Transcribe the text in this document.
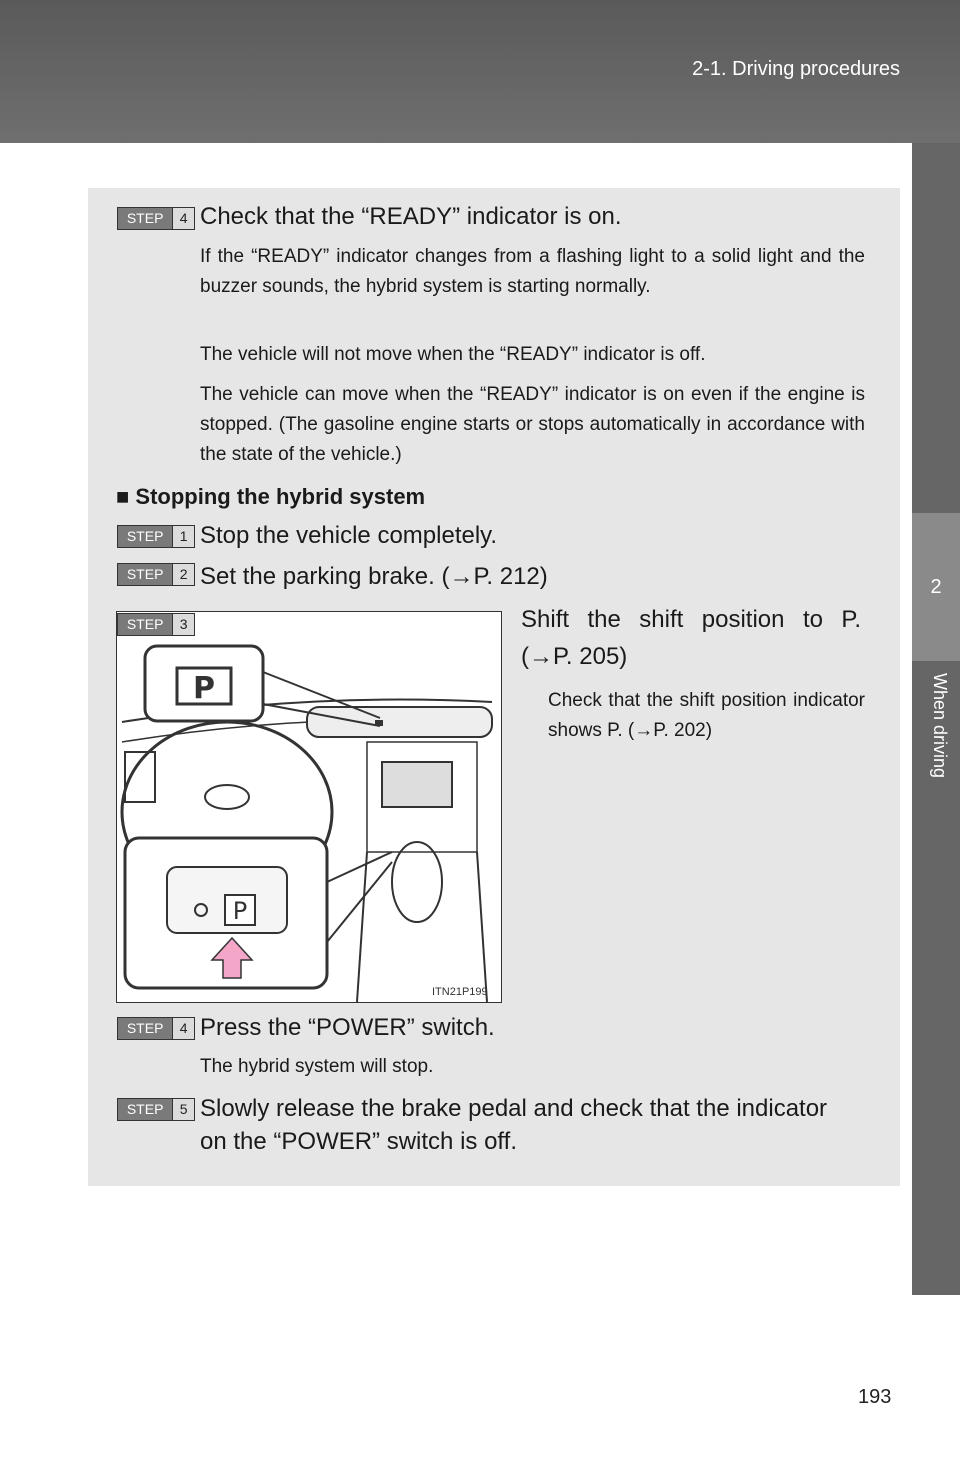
2-1. Driving procedures
2
When driving
STEP	4 Check that the “READY” indicator is on.
If the “READY” indicator changes from a flashing light to a solid light and the buzzer sounds, the hybrid system is starting normally.
The vehicle will not move when the “READY” indicator is off.
The vehicle can move when the “READY” indicator is on even if the engine is stopped. (The gasoline engine starts or stops automatically in accordance with the state of the vehicle.)
■ Stopping the hybrid system
STEP	1 Stop the vehicle completely.
STEP	2 Set the parking brake. (→P. 212)
P
P
ITN21P199
STEP	3	Shift the shift position to P.
(→P. 205)
Check that the shift position indicator shows P. (→P. 202)
STEP	4 Press the “POWER” switch.
The hybrid system will stop.
STEP	5 Slowly release the brake pedal and check that the indicator
on the “POWER” switch is off.
193
